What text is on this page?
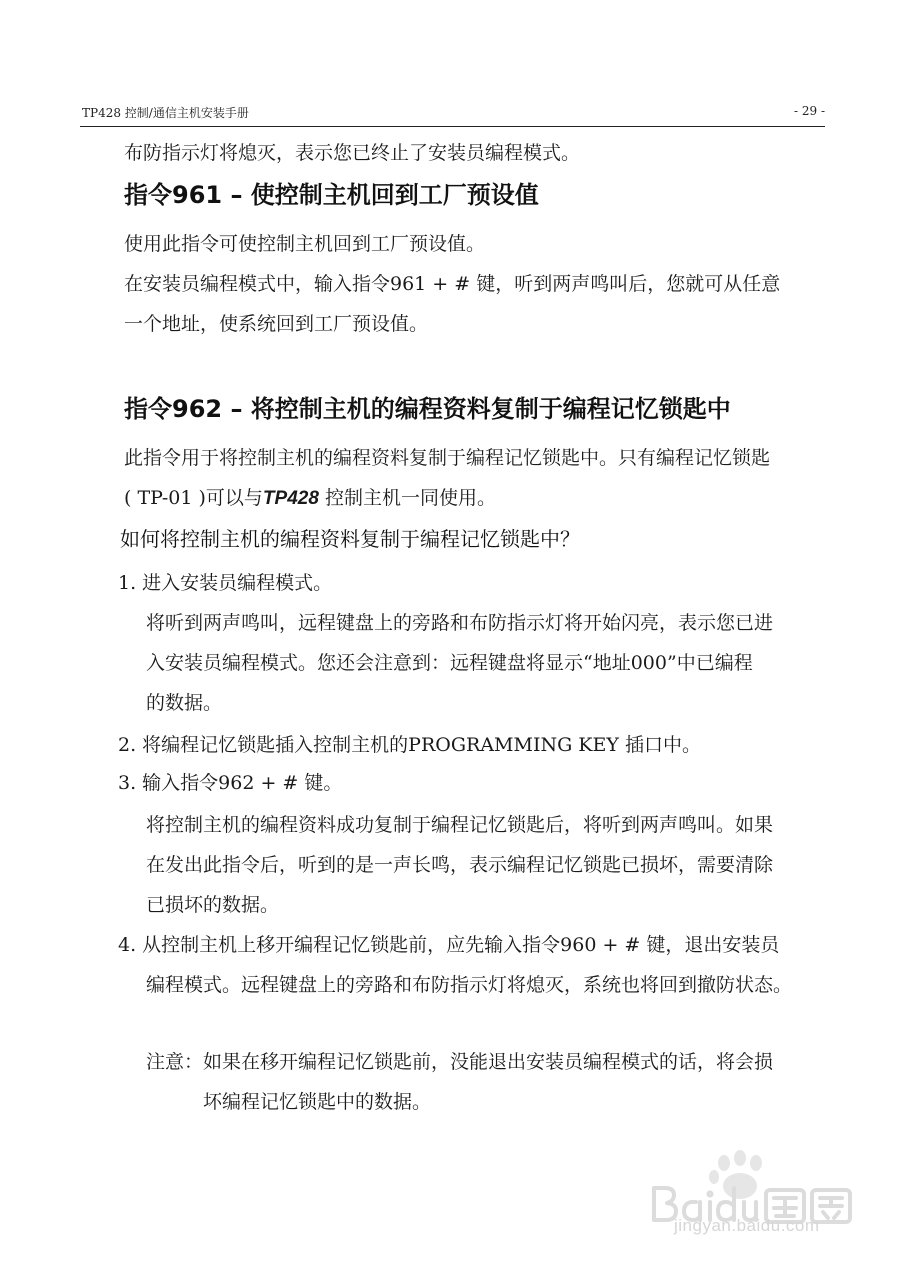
TP428 控制/通信主机安装手册	- 29 -
布防指示灯将熄灭，表示您已终止了安装员编程模式。
指令961 – 使控制主机回到工厂预设值
使用此指令可使控制主机回到工厂预设值。
在安装员编程模式中，输入指令961 + # 键，听到两声鸣叫后，您就可从任意
一个地址，使系统回到工厂预设值。
指令962 – 将控制主机的编程资料复制于编程记忆锁匙中
此指令用于将控制主机的编程资料复制于编程记忆锁匙中。只有编程记忆锁匙
( TP-01 )可以与TP428 控制主机一同使用。
如何将控制主机的编程资料复制于编程记忆锁匙中？
1. 进入安装员编程模式。
将听到两声鸣叫，远程键盘上的旁路和布防指示灯将开始闪亮，表示您已进
入安装员编程模式。您还会注意到：远程键盘将显示“地址000”中已编程
的数据。
2. 将编程记忆锁匙插入控制主机的PROGRAMMING KEY 插口中。
3. 输入指令962 + # 键。
将控制主机的编程资料成功复制于编程记忆锁匙后，将听到两声鸣叫。如果
在发出此指令后，听到的是一声长鸣，表示编程记忆锁匙已损坏，需要清除
已损坏的数据。
4. 从控制主机上移开编程记忆锁匙前，应先输入指令960 + # 键，退出安装员
编程模式。远程键盘上的旁路和布防指示灯将熄灭，系统也将回到撤防状态。
注意：如果在移开编程记忆锁匙前，没能退出安装员编程模式的话，将会损
坏编程记忆锁匙中的数据。
jingyan.baidu.com
